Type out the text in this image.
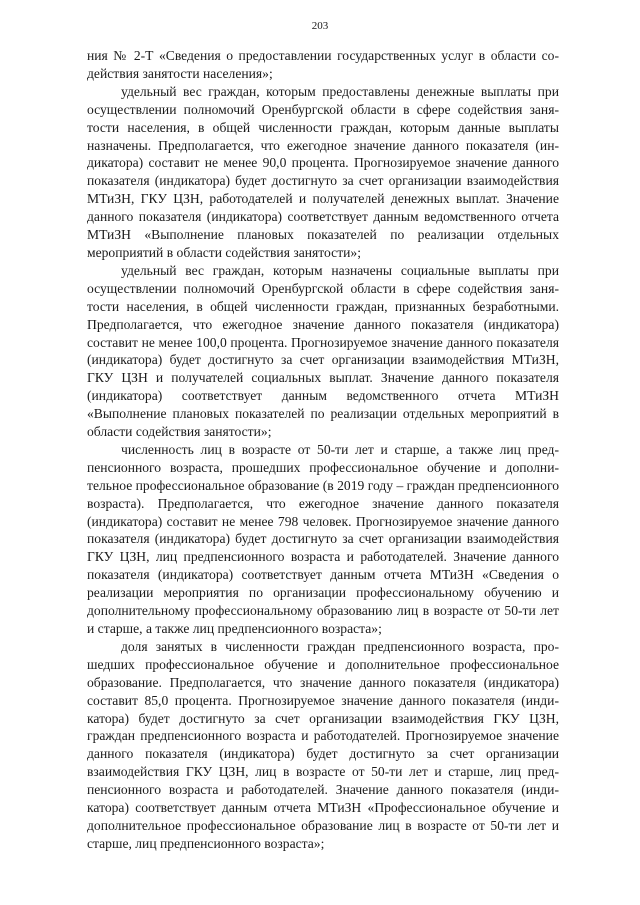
203

ния № 2-Т «Сведения о предоставлении государственных услуг в области содействия занятости населения»;

удельный вес граждан, которым предоставлены денежные выплаты при осуществлении полномочий Оренбургской области в сфере содействия занятости населения, в общей численности граждан, которым данные выплаты назначены. Предполагается, что ежегодное значение данного показателя (индикатора) составит не менее 90,0 процента. Прогнозируемое значение данного показателя (индикатора) будет достигнуто за счет организации взаимодействия МТиЗН, ГКУ ЦЗН, работодателей и получателей денежных выплат. Значение данного показателя (индикатора) соответствует данным ведомственного отчета МТиЗН «Выполнение плановых показателей по реализации отдельных мероприятий в области содействия занятости»;

удельный вес граждан, которым назначены социальные выплаты при осуществлении полномочий Оренбургской области в сфере содействия занятости населения, в общей численности граждан, признанных безработными. Предполагается, что ежегодное значение данного показателя (индикатора) составит не менее 100,0 процента. Прогнозируемое значение данного показателя (индикатора) будет достигнуто за счет организации взаимодействия МТиЗН, ГКУ ЦЗН и получателей социальных выплат. Значение данного показателя (индикатора) соответствует данным ведомственного отчета МТиЗН «Выполнение плановых показателей по реализации отдельных мероприятий в области содействия занятости»;

численность лиц в возрасте от 50-ти лет и старше, а также лиц предпенсионного возраста, прошедших профессиональное обучение и дополнительное профессиональное образование (в 2019 году – граждан предпенсионного возраста). Предполагается, что ежегодное значение данного показателя (индикатора) составит не менее 798 человек. Прогнозируемое значение данного показателя (индикатора) будет достигнуто за счет организации взаимодействия ГКУ ЦЗН, лиц предпенсионного возраста и работодателей. Значение данного показателя (индикатора) соответствует данным отчета МТиЗН «Сведения о реализации мероприятия по организации профессиональному обучению и дополнительному профессиональному образованию лиц в возрасте от 50-ти лет и старше, а также лиц предпенсионного возраста»;

доля занятых в численности граждан предпенсионного возраста, прошедших профессиональное обучение и дополнительное профессиональное образование. Предполагается, что значение данного показателя (индикатора) составит 85,0 процента. Прогнозируемое значение данного показателя (индикатора) будет достигнуто за счет организации взаимодействия ГКУ ЦЗН, граждан предпенсионного возраста и работодателей. Прогнозируемое значение данного показателя (индикатора) будет достигнуто за счет организации взаимодействия ГКУ ЦЗН, лиц в возрасте от 50-ти лет и старше, лиц предпенсионного возраста и работодателей. Значение данного показателя (индикатора) соответствует данным отчета МТиЗН «Профессиональное обучение и дополнительное профессиональное образование лиц в возрасте от 50-ти лет и старше, лиц предпенсионного возраста»;
